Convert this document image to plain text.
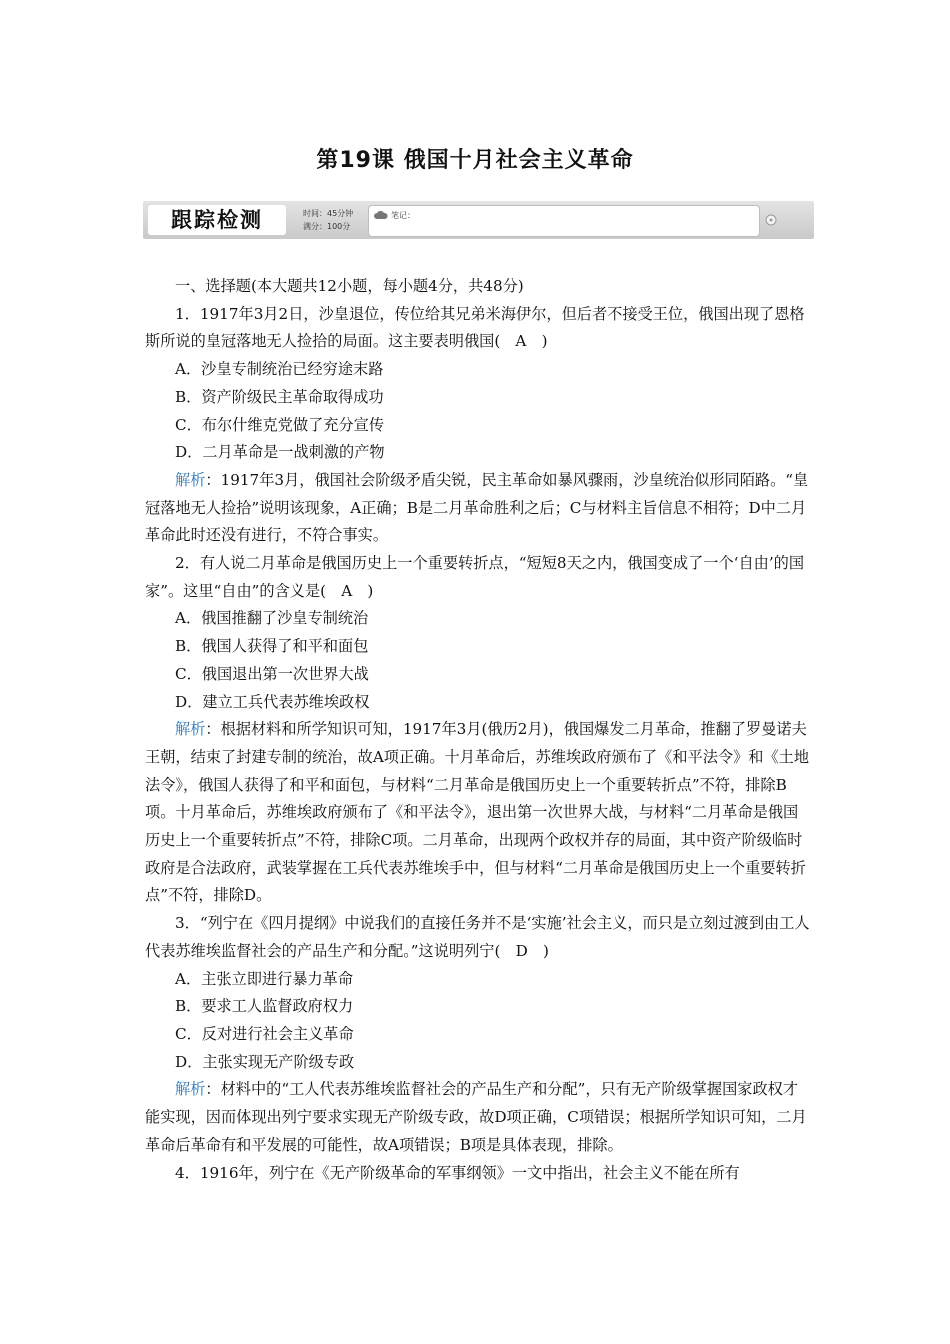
第19课 俄国十月社会主义革命
跟踪检测	时间：45分钟
满分：100分
笔记：

一、选择题(本大题共12小题，每小题4分，共48分)

1．1917年3月2日，沙皇退位，传位给其兄弟米海伊尔，但后者不接受王位，俄国出现了恩格斯所说的皇冠落地无人捡拾的局面。这主要表明俄国(　A　)

A．沙皇专制统治已经穷途末路

B．资产阶级民主革命取得成功

C．布尔什维克党做了充分宣传

D．二月革命是一战刺激的产物

解析：1917年3月，俄国社会阶级矛盾尖锐，民主革命如暴风骤雨，沙皇统治似形同陌路。“皇冠落地无人捡拾”说明该现象，A正确；B是二月革命胜利之后；C与材料主旨信息不相符；D中二月革命此时还没有进行，不符合事实。

2．有人说二月革命是俄国历史上一个重要转折点，“短短8天之内，俄国变成了一个‘自由’的国家”。这里“自由”的含义是(　A　)

A．俄国推翻了沙皇专制统治

B．俄国人获得了和平和面包

C．俄国退出第一次世界大战

D．建立工兵代表苏维埃政权

解析：根据材料和所学知识可知，1917年3月(俄历2月)，俄国爆发二月革命，推翻了罗曼诺夫王朝，结束了封建专制的统治，故A项正确。十月革命后，苏维埃政府颁布了《和平法令》和《土地法令》，俄国人获得了和平和面包，与材料“二月革命是俄国历史上一个重要转折点”不符，排除B项。十月革命后，苏维埃政府颁布了《和平法令》，退出第一次世界大战，与材料“二月革命是俄国历史上一个重要转折点”不符，排除C项。二月革命，出现两个政权并存的局面，其中资产阶级临时政府是合法政府，武装掌握在工兵代表苏维埃手中，但与材料“二月革命是俄国历史上一个重要转折点”不符，排除D。

3．“列宁在《四月提纲》中说我们的直接任务并不是‘实施’社会主义，而只是立刻过渡到由工人代表苏维埃监督社会的产品生产和分配。”这说明列宁(　D　)

A．主张立即进行暴力革命

B．要求工人监督政府权力

C．反对进行社会主义革命

D．主张实现无产阶级专政

解析：材料中的“工人代表苏维埃监督社会的产品生产和分配”，只有无产阶级掌握国家政权才能实现，因而体现出列宁要求实现无产阶级专政，故D项正确，C项错误；根据所学知识可知，二月革命后革命有和平发展的可能性，故A项错误；B项是具体表现，排除。

4．1916年，列宁在《无产阶级革命的军事纲领》一文中指出，社会主义不能在所有
